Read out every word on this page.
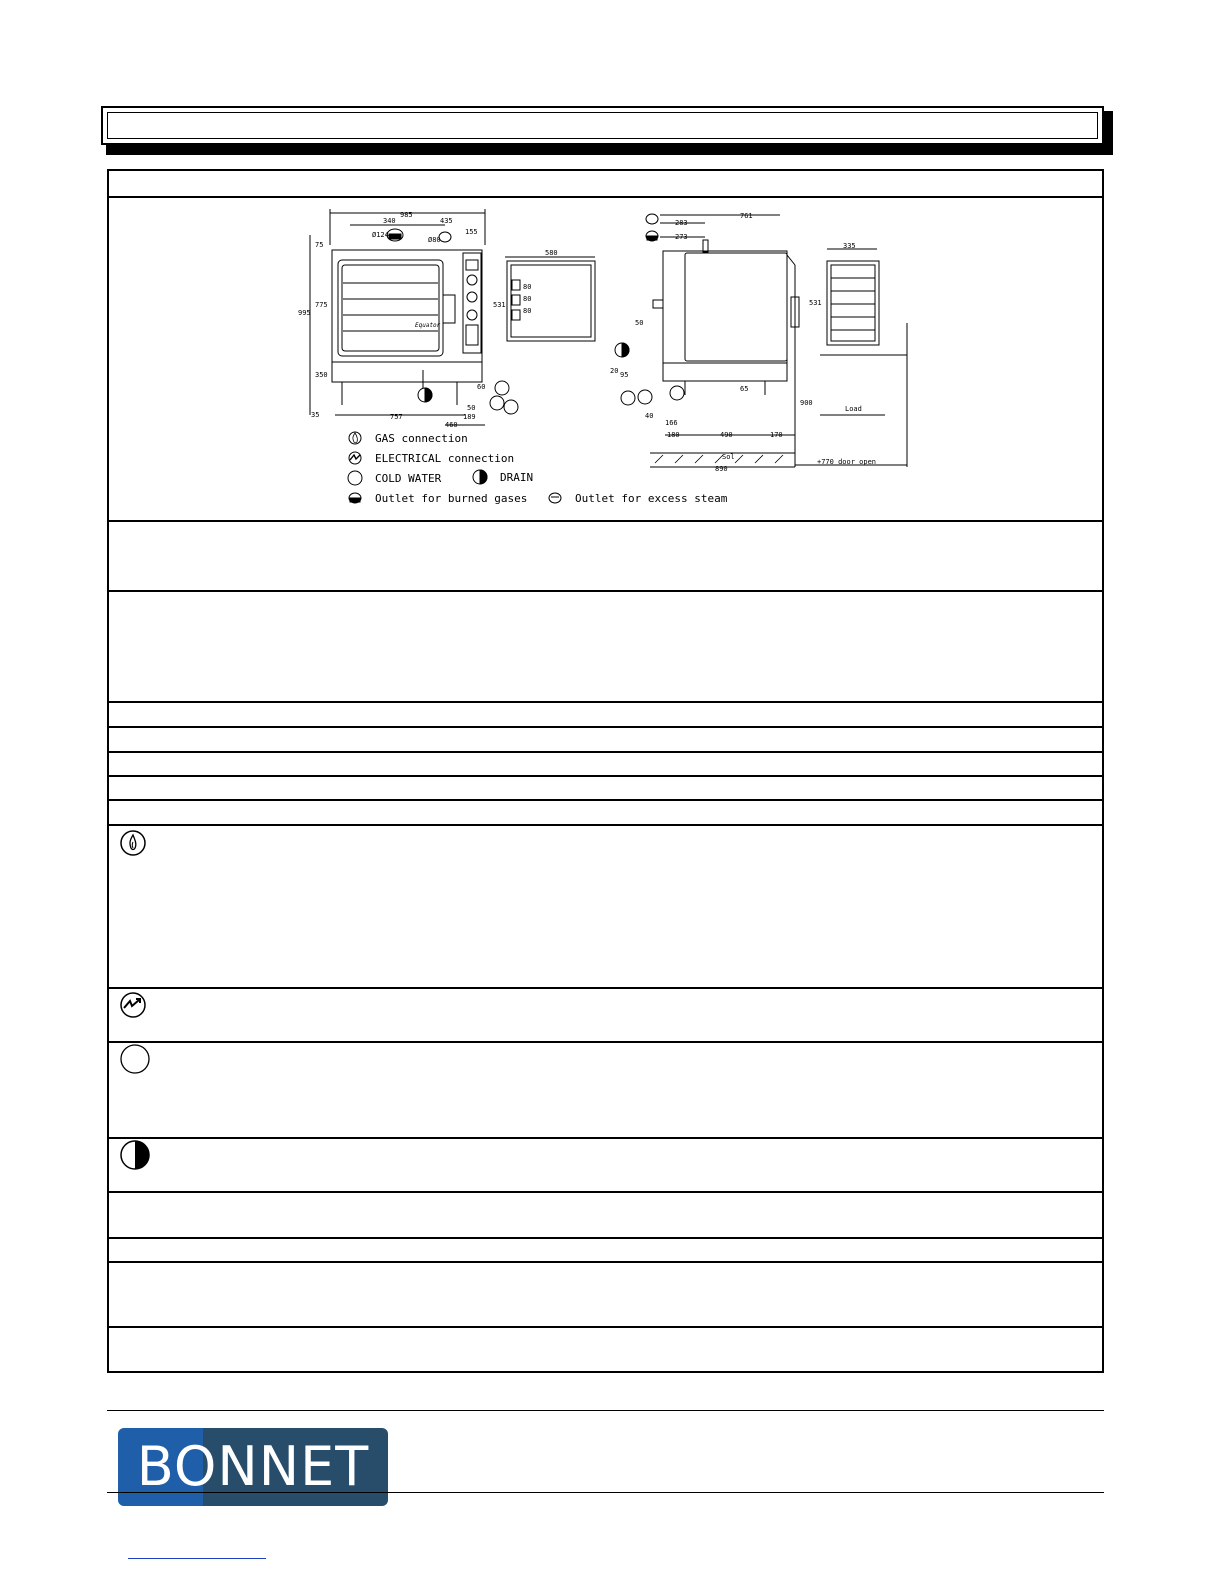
985
340	435
75
Ø124
Ø80
155
995
775
350
Equator
35	757
60
50
189
460
580
531
80
80
80
761
283
273
50
95
20
65
900
40
166
180	490	170
Sol
890
+770 door open
Load
335
531
GAS connection
ELECTRICAL connection
COLD WATER	DRAIN
Outlet for burned gases	Outlet for excess steam
BONNET
